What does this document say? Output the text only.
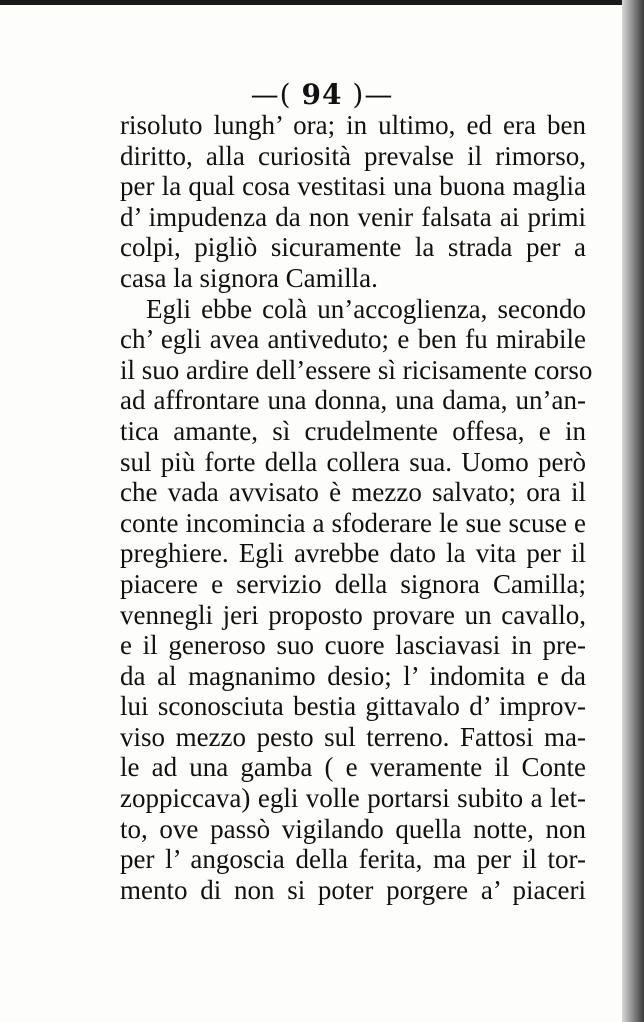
—( 94 )—
risoluto lungh’ ora; in ultimo, ed era ben
diritto, alla curiosità prevalse il rimorso,
per la qual cosa vestitasi una buona maglia
d’ impudenza da non venir falsata ai primi
colpi, pigliò sicuramente la strada per a
casa la signora Camilla.
Egli ebbe colà un’accoglienza, secondo
ch’ egli avea antiveduto; e ben fu mirabile
il suo ardire dell’essere sì ricisamente corso
ad affrontare una donna, una dama, un’an-
tica amante, sì crudelmente offesa, e in
sul più forte della collera sua. Uomo però
che vada avvisato è mezzo salvato; ora il
conte incomincia a sfoderare le sue scuse e
preghiere. Egli avrebbe dato la vita per il
piacere e servizio della signora Camilla;
vennegli jeri proposto provare un cavallo,
e il generoso suo cuore lasciavasi in pre-
da al magnanimo desio; l’ indomita e da
lui sconosciuta bestia gittavalo d’ improv-
viso mezzo pesto sul terreno. Fattosi ma-
le ad una gamba ( e veramente il Conte
zoppiccava) egli volle portarsi subito a let-
to, ove passò vigilando quella notte, non
per l’ angoscia della ferita, ma per il tor-
mento di non si poter porgere a’ piaceri
